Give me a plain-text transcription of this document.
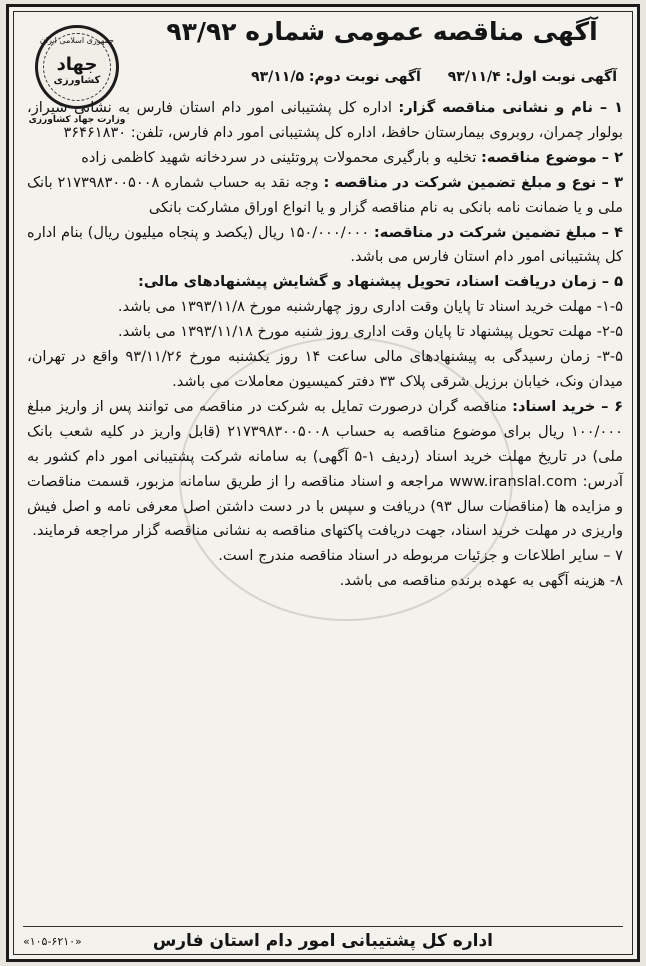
جمهوری اسلامی ایران
جهاد
کشاورزی
وزارت جهاد کشاورزی
آگهی مناقصه عمومی شماره ۹۳/۹۲
آگهی نوبت اول: ۹۳/۱۱/۴ آگهی نوبت دوم: ۹۳/۱۱/۵

۱ – نام و نشانی مناقصه گزار: اداره کل پشتیبانی امور دام استان فارس به نشانی شیراز، بولوار چمران، روبروی بیمارستان حافظ، اداره کل پشتیبانی امور دام فارس، تلفن: ۳۶۴۶۱۸۳۰

۲ – موضوع مناقصه: تخلیه و بارگیری محمولات پروتئینی در سردخانه شهید کاظمی زاده

۳ – نوع و مبلغ تضمین شرکت در مناقصه : وجه نقد به حساب شماره ۲۱۷۳۹۸۳۰۰۵۰۰۸ بانک ملی و یا ضمانت نامه بانکی به نام مناقصه گزار و یا انواع اوراق مشارکت بانکی

۴ – مبلغ تضمین شرکت در مناقصه: ۱۵۰/۰۰۰/۰۰۰ ریال (یکصد و پنجاه میلیون ریال) بنام اداره کل پشتیبانی امور دام استان فارس می باشد.

۵ – زمان دریافت اسناد، تحویل پیشنهاد و گشایش پیشنهادهای مالی:

۱-۵- مهلت خرید اسناد تا پایان وقت اداری روز چهارشنبه مورخ ۱۳۹۳/۱۱/۸ می باشد.

۲-۵- مهلت تحویل پیشنهاد تا پایان وقت اداری روز شنبه مورخ ۱۳۹۳/۱۱/۱۸ می باشد.

۳-۵- زمان رسیدگی به پیشنهادهای مالی ساعت ۱۴ روز یکشنبه مورخ ۹۳/۱۱/۲۶ واقع در تهران، میدان ونک، خیابان برزیل شرقی پلاک ۳۳ دفتر کمیسیون معاملات می باشد.

۶ – خرید اسناد: مناقصه گران درصورت تمایل به شرکت در مناقصه می توانند پس از واریز مبلغ ۱۰۰/۰۰۰ ریال برای موضوع مناقصه به حساب ۲۱۷۳۹۸۳۰۰۵۰۰۸ (قابل واریز در کلیه شعب بانک ملی) در تاریخ مهلت خرید اسناد (ردیف ۱-۵ آگهی) به سامانه شرکت پشتیبانی امور دام کشور به آدرس: www.iranslal.com مراجعه و اسناد مناقصه را از طریق سامانه مزبور، قسمت مناقصات و مزایده ها (مناقصات سال ۹۳) دریافت و سپس با در دست داشتن اصل معرفی نامه و اصل فیش واریزی در مهلت خرید اسناد، جهت دریافت پاکتهای مناقصه به نشانی مناقصه گزار مراجعه فرمایند.

۷ – سایر اطلاعات و جزئیات مربوطه در اسناد مناقصه مندرج است.

۸- هزینه آگهی به عهده برنده مناقصه می باشد.

اداره کل پشتیبانی امور دام استان فارس
«۱۰۵-۶۲۱۰»
